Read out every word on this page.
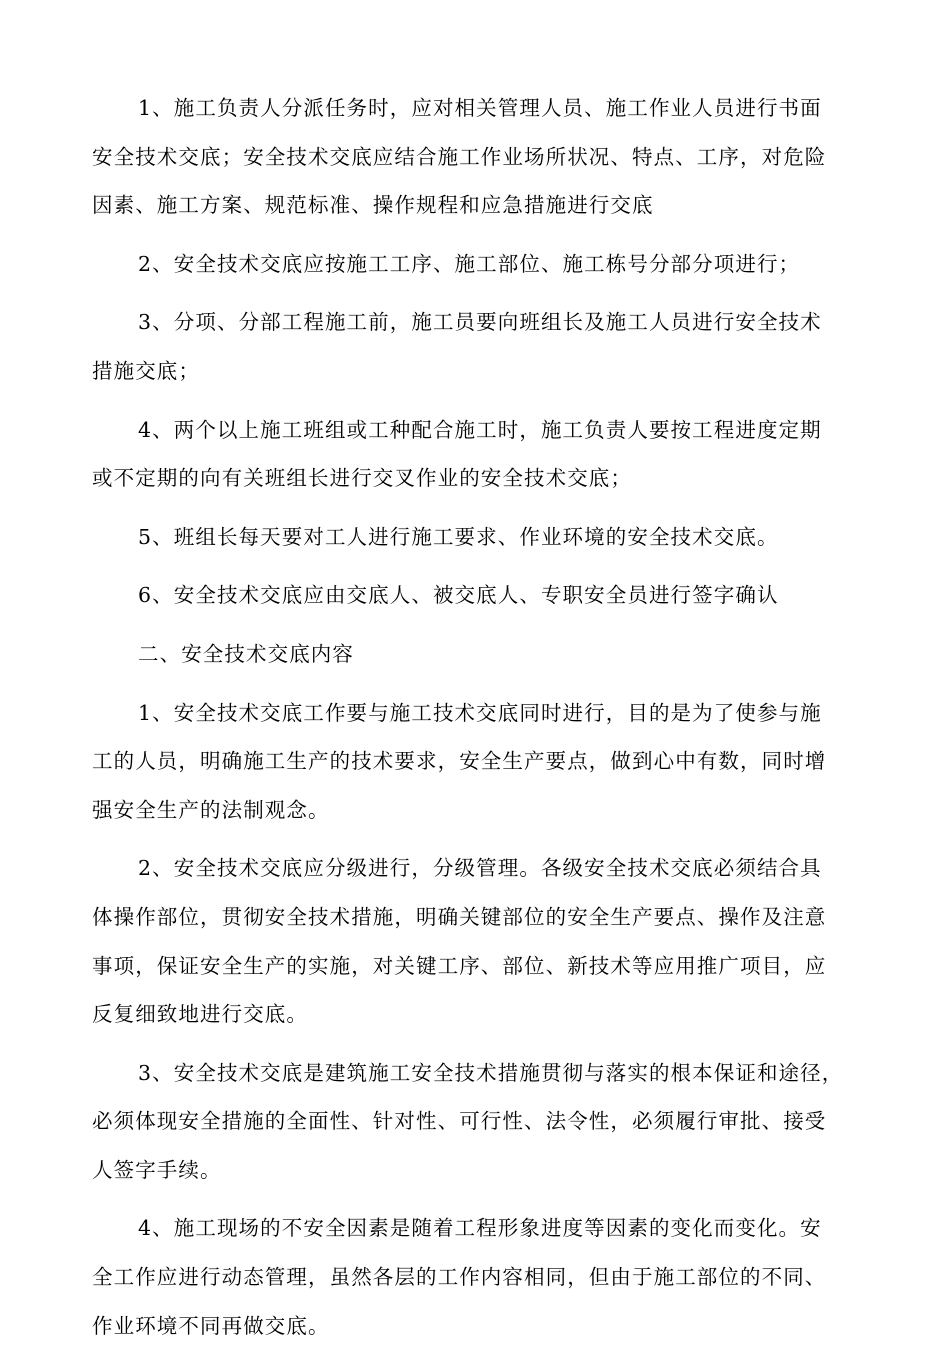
1、施工负责人分派任务时，应对相关管理人员、施工作业人员进行书面
安全技术交底；安全技术交底应结合施工作业场所状况、特点、工序，对危险
因素、施工方案、规范标准、操作规程和应急措施进行交底

2、安全技术交底应按施工工序、施工部位、施工栋号分部分项进行；

3、分项、分部工程施工前，施工员要向班组长及施工人员进行安全技术
措施交底；

4、两个以上施工班组或工种配合施工时，施工负责人要按工程进度定期
或不定期的向有关班组长进行交叉作业的安全技术交底；

5、班组长每天要对工人进行施工要求、作业环境的安全技术交底。

6、安全技术交底应由交底人、被交底人、专职安全员进行签字确认

二、安全技术交底内容

1、安全技术交底工作要与施工技术交底同时进行，目的是为了使参与施
工的人员，明确施工生产的技术要求，安全生产要点，做到心中有数，同时增
强安全生产的法制观念。

2、安全技术交底应分级进行，分级管理。各级安全技术交底必须结合具
体操作部位，贯彻安全技术措施，明确关键部位的安全生产要点、操作及注意
事项，保证安全生产的实施，对关键工序、部位、新技术等应用推广项目，应
反复细致地进行交底。

3、安全技术交底是建筑施工安全技术措施贯彻与落实的根本保证和途径，
必须体现安全措施的全面性、针对性、可行性、法令性，必须履行审批、接受
人签字手续。

4、施工现场的不安全因素是随着工程形象进度等因素的变化而变化。安
全工作应进行动态管理，虽然各层的工作内容相同，但由于施工部位的不同、
作业环境不同再做交底。
